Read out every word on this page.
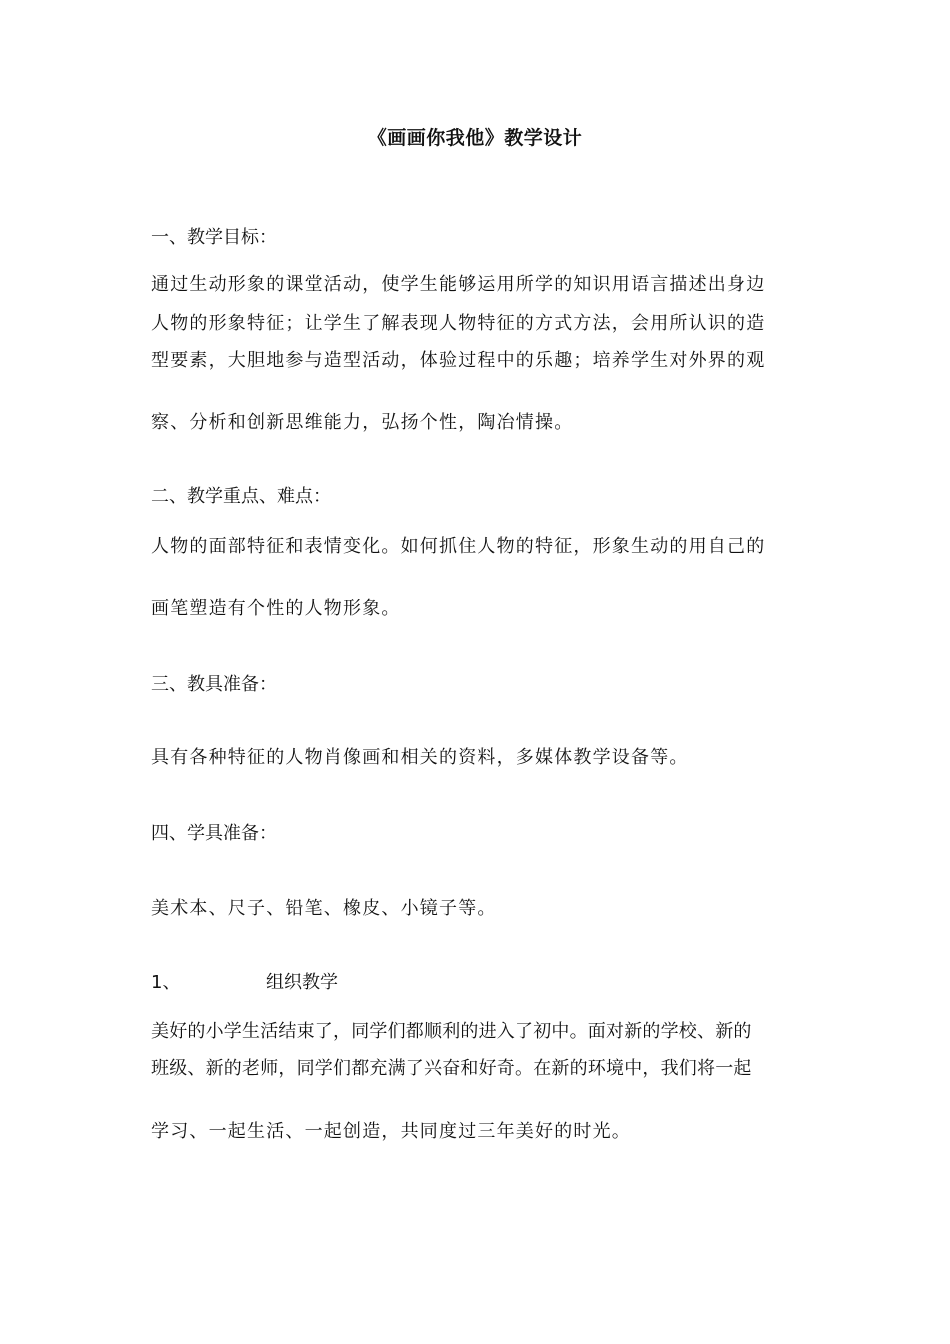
《画画你我他》教学设计
一、教学目标：
通过生动形象的课堂活动，使学生能够运用所学的知识用语言描述出身边
人物的形象特征；让学生了解表现人物特征的方式方法，会用所认识的造
型要素，大胆地参与造型活动，体验过程中的乐趣；培养学生对外界的观
察、分析和创新思维能力，弘扬个性，陶冶情操。
二、教学重点、难点：
人物的面部特征和表情变化。如何抓住人物的特征，形象生动的用自己的
画笔塑造有个性的人物形象。
三、教具准备：
具有各种特征的人物肖像画和相关的资料，多媒体教学设备等。
四、学具准备：
美术本、尺子、铅笔、橡皮、小镜子等。
1、	组织教学
美好的小学生活结束了，同学们都顺利的进入了初中。面对新的学校、新的
班级、新的老师，同学们都充满了兴奋和好奇。在新的环境中，我们将一起
学习、一起生活、一起创造，共同度过三年美好的时光。
